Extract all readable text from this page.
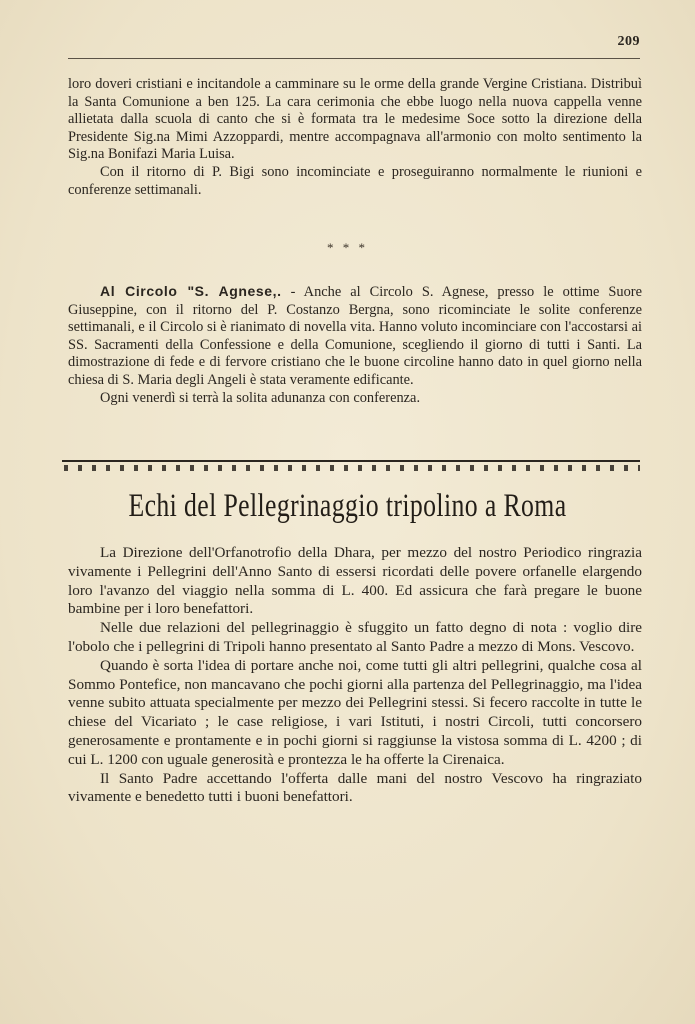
209

loro doveri cristiani e incitandole a camminare su le orme della grande Vergine Cristiana. Distribuì la Santa Comunione a ben 125. La cara cerimonia che ebbe luogo nella nuova cappella venne allietata dalla scuola di canto che si è formata tra le medesime Soce sotto la direzione della Presidente Sig.na Mimi Azzoppardi, mentre accompagnava all'armonio con molto sentimento la Sig.na Bonifazi Maria Luisa.

Con il ritorno di P. Bigi sono incominciate e proseguiranno normalmente le riunioni e conferenze settimanali.

* * *

Al Circolo "S. Agnese,. - Anche al Circolo S. Agnese, presso le ottime Suore Giuseppine, con il ritorno del P. Costanzo Bergna, sono ricominciate le solite conferenze settimanali, e il Circolo si è rianimato di novella vita. Hanno voluto incominciare con l'accostarsi ai SS. Sacramenti della Confessione e della Comunione, scegliendo il giorno di tutti i Santi. La dimostrazione di fede e di fervore cristiano che le buone circoline hanno dato in quel giorno nella chiesa di S. Maria degli Angeli è stata veramente edificante.

Ogni venerdì si terrà la solita adunanza con conferenza.

Echi del Pellegrinaggio tripolino a Roma

La Direzione dell'Orfanotrofio della Dhara, per mezzo del nostro Periodico ringrazia vivamente i Pellegrini dell'Anno Santo di essersi ricordati delle povere orfanelle elargendo loro l'avanzo del viaggio nella somma di L. 400. Ed assicura che farà pregare le buone bambine per i loro benefattori.

Nelle due relazioni del pellegrinaggio è sfuggito un fatto degno di nota : voglio dire l'obolo che i pellegrini di Tripoli hanno presentato al Santo Padre a mezzo di Mons. Vescovo.

Quando è sorta l'idea di portare anche noi, come tutti gli altri pellegrini, qualche cosa al Sommo Pontefice, non mancavano che pochi giorni alla partenza del Pellegrinaggio, ma l'idea venne subito attuata specialmente per mezzo dei Pellegrini stessi. Si fecero raccolte in tutte le chiese del Vicariato ; le case religiose, i vari Istituti, i nostri Circoli, tutti concorsero generosamente e prontamente e in pochi giorni si raggiunse la vistosa somma di L. 4200 ; di cui L. 1200 con uguale generosità e prontezza le ha offerte la Cirenaica.

Il Santo Padre accettando l'offerta dalle mani del nostro Vescovo ha ringraziato vivamente e benedetto tutti i buoni benefattori.
